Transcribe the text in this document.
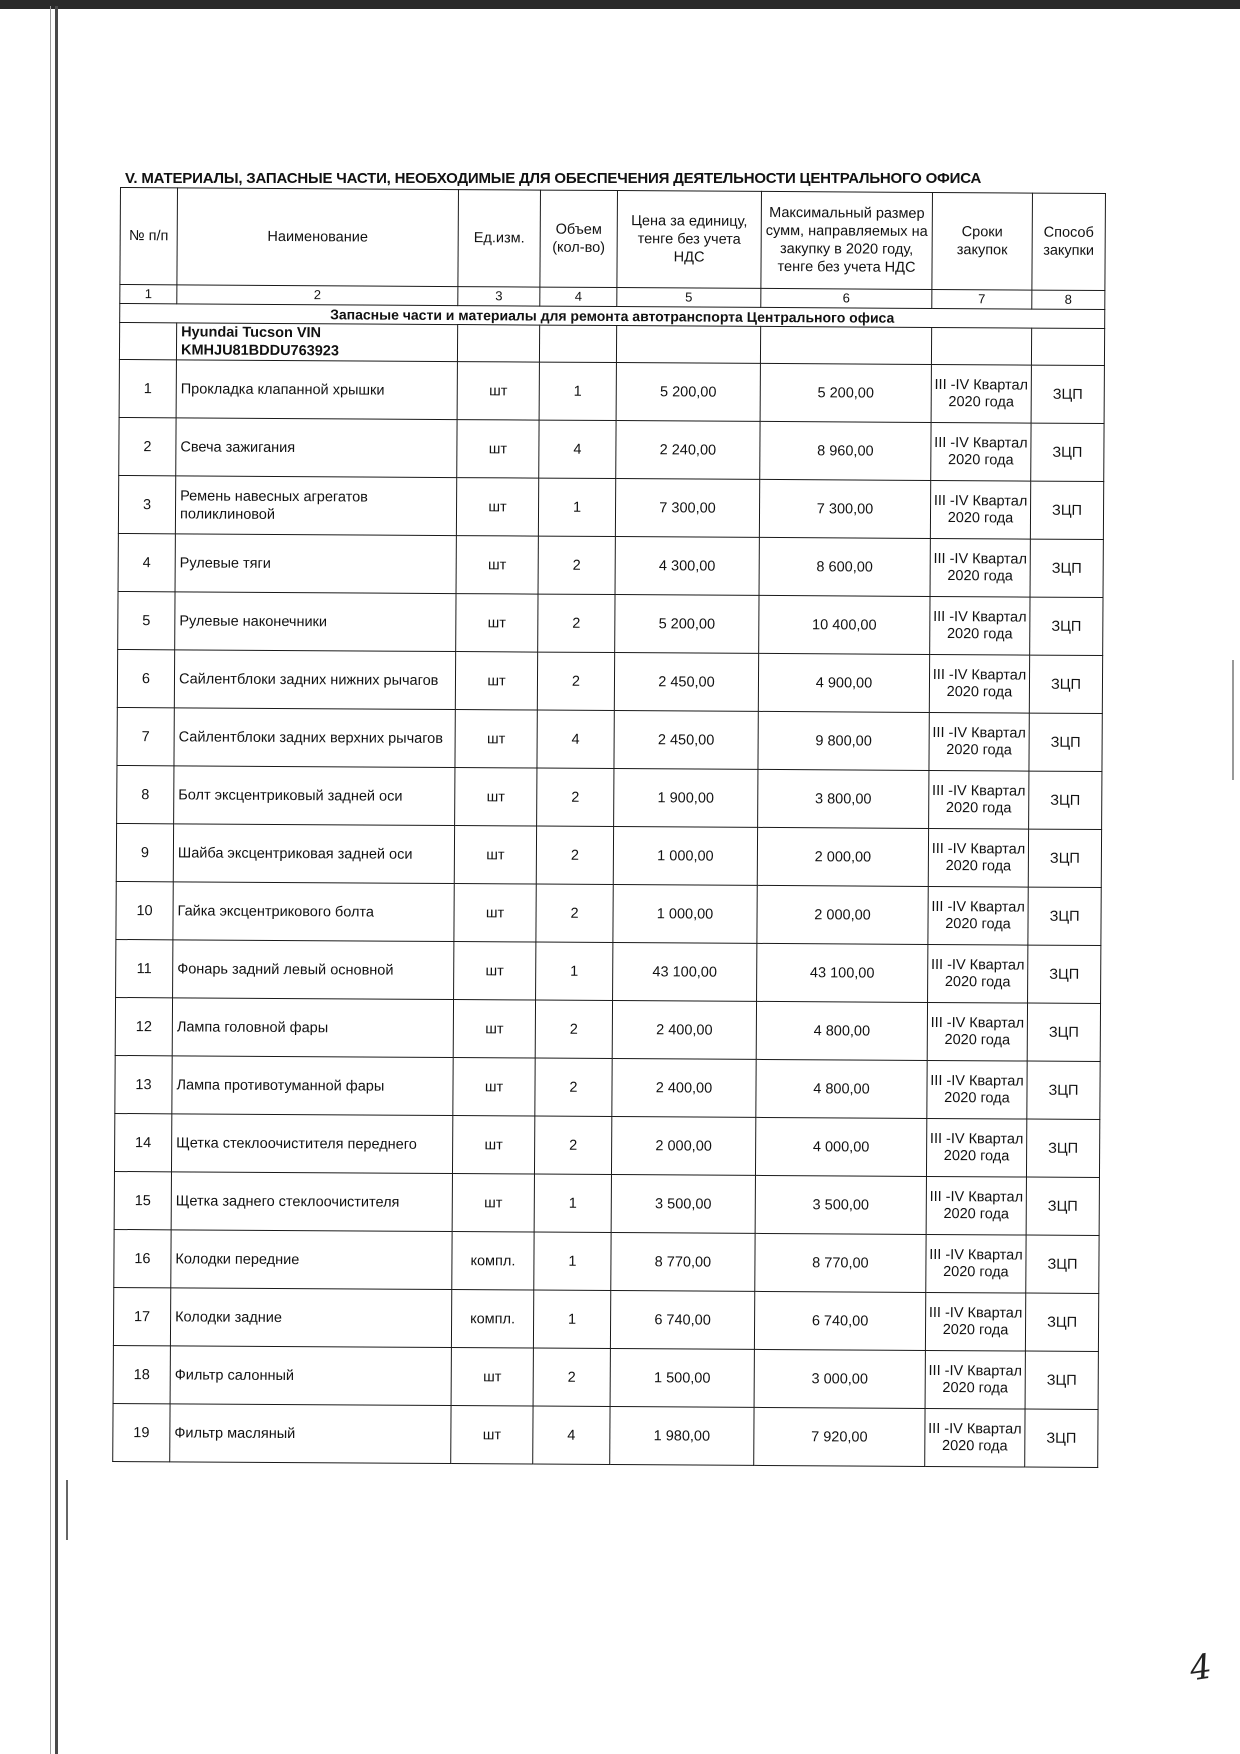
V. МАТЕРИАЛЫ, ЗАПАСНЫЕ ЧАСТИ, НЕОБХОДИМЫЕ ДЛЯ ОБЕСПЕЧЕНИЯ ДЕЯТЕЛЬНОСТИ ЦЕНТРАЛЬНОГО ОФИСА
№ п/п	Наименование	Ед.изм.	Объем (кол-во)	Цена за единицу, тенге без учета НДС	Максимальный размер сумм, направляемых на закупку в 2020 году, тенге без учета НДС	Сроки закупок	Способ закупки
1	2	3	4	5	6	7	8
Запасные части и материалы для ремонта автотранспорта Центрального офиса							
	Hyundai Tucson VIN KMHJU81BDDU763923						
1	Прокладка клапанной хрышки	шт	1	5 200,00	5 200,00	III -IV Квартал 2020 года	ЗЦП
2	Свеча зажигания	шт	4	2 240,00	8 960,00	III -IV Квартал 2020 года	ЗЦП
3	Ремень навесных агрегатов поликлиновой	шт	1	7 300,00	7 300,00	III -IV Квартал 2020 года	ЗЦП
4	Рулевые тяги	шт	2	4 300,00	8 600,00	III -IV Квартал 2020 года	ЗЦП
5	Рулевые наконечники	шт	2	5 200,00	10 400,00	III -IV Квартал 2020 года	ЗЦП
6	Сайлентблоки задних нижних рычагов	шт	2	2 450,00	4 900,00	III -IV Квартал 2020 года	ЗЦП
7	Сайлентблоки задних верхних рычагов	шт	4	2 450,00	9 800,00	III -IV Квартал 2020 года	ЗЦП
8	Болт эксцентриковый задней оси	шт	2	1 900,00	3 800,00	III -IV Квартал 2020 года	ЗЦП
9	Шайба эксцентриковая задней оси	шт	2	1 000,00	2 000,00	III -IV Квартал 2020 года	ЗЦП
10	Гайка эксцентрикового болта	шт	2	1 000,00	2 000,00	III -IV Квартал 2020 года	ЗЦП
11	Фонарь задний левый основной	шт	1	43 100,00	43 100,00	III -IV Квартал 2020 года	ЗЦП
12	Лампа головной фары	шт	2	2 400,00	4 800,00	III -IV Квартал 2020 года	ЗЦП
13	Лампа противотуманной фары	шт	2	2 400,00	4 800,00	III -IV Квартал 2020 года	ЗЦП
14	Щетка стеклоочистителя переднего	шт	2	2 000,00	4 000,00	III -IV Квартал 2020 года	ЗЦП
15	Щетка заднего стеклоочистителя	шт	1	3 500,00	3 500,00	III -IV Квартал 2020 года	ЗЦП
16	Колодки передние	компл.	1	8 770,00	8 770,00	III -IV Квартал 2020 года	ЗЦП
17	Колодки задние	компл.	1	6 740,00	6 740,00	III -IV Квартал 2020 года	ЗЦП
18	Фильтр салонный	шт	2	1 500,00	3 000,00	III -IV Квартал 2020 года	ЗЦП
19	Фильтр масляный	шт	4	1 980,00	7 920,00	III -IV Квартал 2020 года	ЗЦП
4
